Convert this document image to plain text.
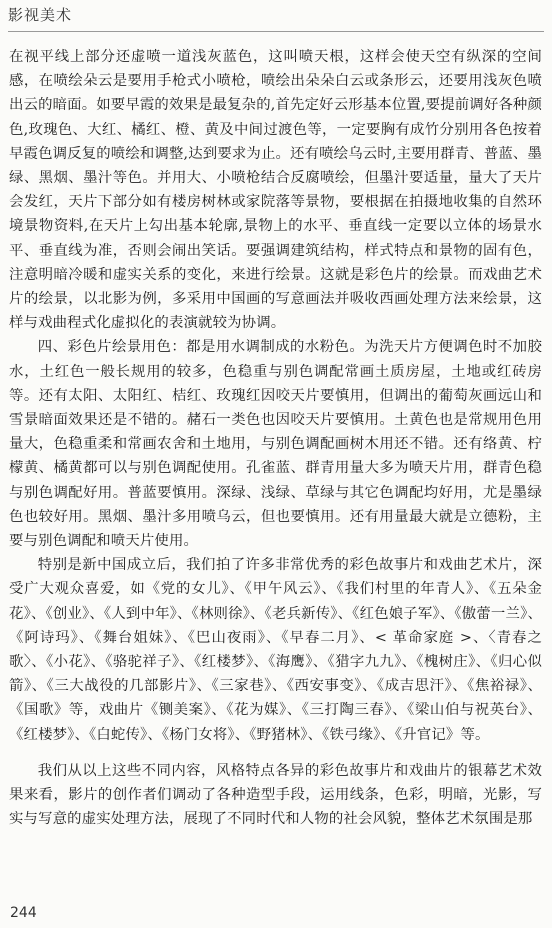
影视美术

在视平线上部分还虚喷一道浅灰蓝色，这叫喷天根，这样会使天空有纵深的空间感，在喷绘朵云是要用手枪式小喷枪，喷绘出朵朵白云或条形云，还要用浅灰色喷出云的暗面。如要早霞的效果是最复杂的,首先定好云形基本位置,要提前调好各种颜色,玫瑰色、大红、橘红、橙、黄及中间过渡色等，一定要胸有成竹分别用各色按着早霞色调反复的喷绘和调整,达到要求为止。还有喷绘乌云时,主要用群青、普蓝、墨绿、黑烟、墨汁等色。并用大、小喷枪结合反腐喷绘，但墨汁要适量，量大了天片会发红，天片下部分如有楼房树林或家院落等景物，要根据在拍摄地收集的自然环境景物资料,在天片上勾出基本轮廓,景物上的水平、垂直线一定要以立体的场景水平、垂直线为准，否则会闹出笑话。要强调建筑结构，样式特点和景物的固有色，注意明暗冷暖和虚实关系的变化，来进行绘景。这就是彩色片的绘景。而戏曲艺术片的绘景，以北影为例，多采用中国画的写意画法并吸收西画处理方法来绘景，这样与戏曲程式化虚拟化的表演就较为协调。

四、彩色片绘景用色：都是用水调制成的水粉色。为洗天片方便调色时不加胶水，土红色一般长规用的较多，色稳重与别色调配常画土质房屋，土地或红砖房等。还有太阳、太阳红、桔红、玫瑰红因咬天片要慎用，但调出的葡萄灰画远山和雪景暗面效果还是不错的。赭石一类色也因咬天片要慎用。土黄色也是常规用色用量大，色稳重柔和常画农舍和土地用，与别色调配画树木用还不错。还有络黄、柠檬黄、橘黄都可以与别色调配使用。孔雀蓝、群青用量大多为喷天片用，群青色稳与别色调配好用。普蓝要慎用。深绿、浅绿、草绿与其它色调配均好用，尤是墨绿色也较好用。黑烟、墨汁多用喷乌云，但也要慎用。还有用量最大就是立德粉，主要与别色调配和喷天片使用。

特别是新中国成立后，我们拍了许多非常优秀的彩色故事片和戏曲艺术片，深受广大观众喜爱，如《党的女儿》、《甲午风云》、《我们村里的年青人》、《五朵金花》、《创业》、《人到中年》、《林则徐》、《老兵新传》、《红色娘子军》、《傲蕾一兰》、《阿诗玛》、《舞台姐妹》、《巴山夜雨》、《早春二月》、< 革命家庭 >、〈青春之歌〉、《小花》、《骆驼祥子》、《红楼梦》、《海鹰》、《猎字九九》、《槐树庄》、《归心似箭》、《三大战役的几部影片》、《三家巷》、《西安事变》、《成吉思汗》、《焦裕禄》、《国歌》等，戏曲片《铡美案》、《花为媒》、《三打陶三春》、《梁山伯与祝英台》、《红楼梦》、《白蛇传》、《杨门女将》、《野猪林》、《铁弓缘》、《升官记》等。

我们从以上这些不同内容，风格特点各异的彩色故事片和戏曲片的银幕艺术效果来看，影片的创作者们调动了各种造型手段，运用线条，色彩，明暗，光影，写实与写意的虚实处理方法，展现了不同时代和人物的社会风貌，整体艺术氛围是那

244
